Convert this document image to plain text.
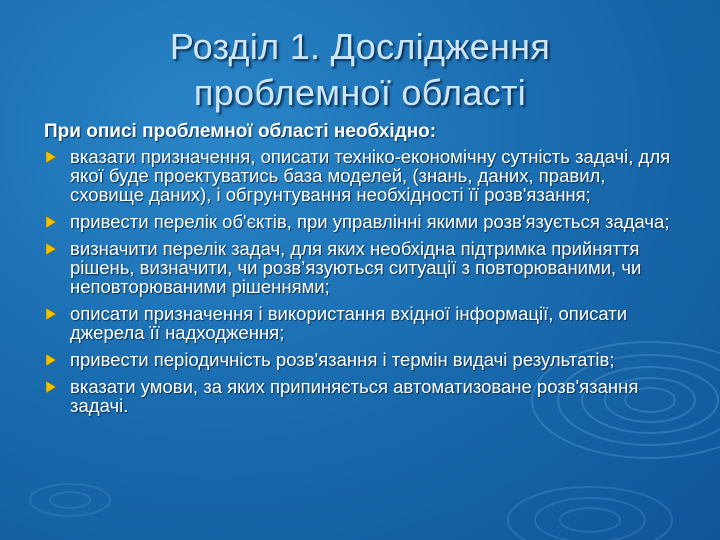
Розділ 1. Дослідження
проблемної області

При описі проблемної області необхідно:

вказати призначення, описати техніко-економічну сутність задачі, для якої буде проектуватись база моделей, (знань, даних, правил, сховище даних), і обгрунтування необхідності її розв'язання;
привести перелік об'єктів, при управлінні якими розв'язується задача;
визначити перелік задач, для яких необхідна підтримка прийняття рішень, визначити, чи розв’язуються ситуації з повторюваними, чи неповторюваними рішеннями;
описати призначення і використання вхідної інформації, описати джерела її надходження;
привести періодичність розв'язання і термін видачі результатів;
вказати умови, за яких припиняється автоматизоване розв'язання задачі.
